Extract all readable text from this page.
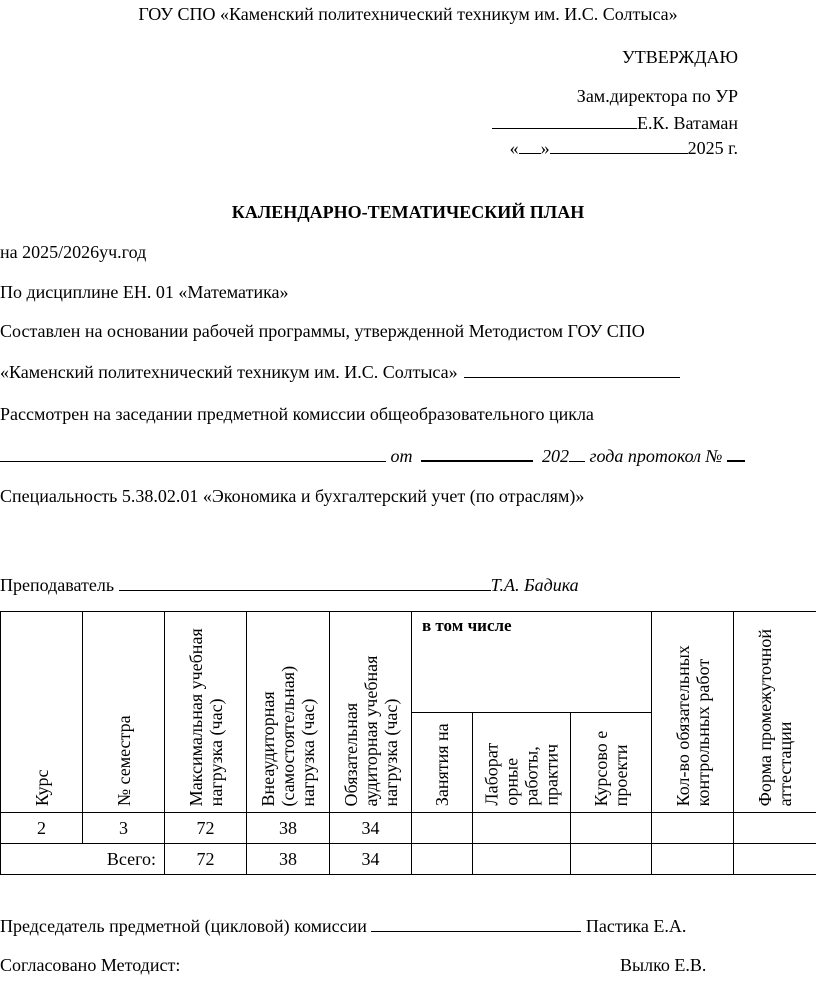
ГОУ СПО «Каменский политехнический техникум им. И.С. Солтыса»
УТВЕРЖДАЮ
Зам.директора по УР
Е.К. Ватаман
« »	2025 г.
КАЛЕНДАРНО-ТЕМАТИЧЕСКИЙ ПЛАН
на 2025/2026уч.год
По дисциплине ЕН. 01 «Математика»
Составлен на основании рабочей программы, утвержденной Методистом ГОУ СПО
«Каменский политехнический техникум им. И.С. Солтыса»
Рассмотрен на заседании предметной комиссии общеобразовательного цикла
от	202 года протокол №
Специальность 5.38.02.01 «Экономика и бухгалтерский учет (по отраслям)»
Преподаватель	Т.А. Бадика
Курс	№ семестра	Максимальная учебная нагрузка (час)	Внеаудиторная (самостоятельная) нагрузка (час)	Обязательная аудиторная учебная нагрузка (час)	в том числе			Кол-во обязательных контрольных работ	Форма промежуточной аттестации

					Занятия на	Лаборат орные работы, практич	Курсово е проекти		

2	3	72	38	34					
Всего:		72	38	34					
Председатель предметной (цикловой) комиссии	Пастика Е.А.
Согласовано Методист:	Вылко Е.В.
